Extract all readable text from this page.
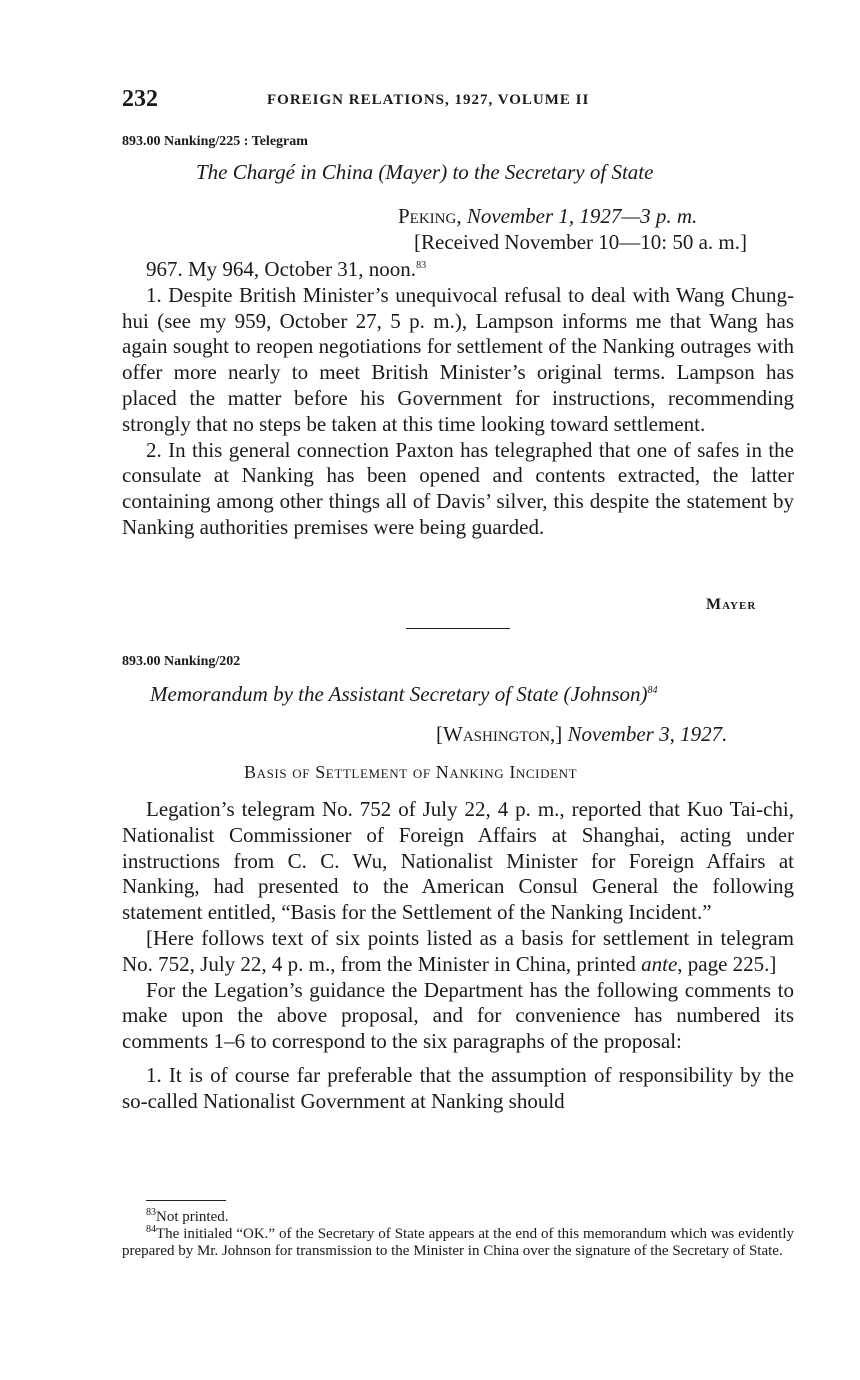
232	FOREIGN RELATIONS, 1927, VOLUME II
893.00 Nanking/225 : Telegram
The Chargé in China (Mayer) to the Secretary of State
Peking, November 1, 1927—3 p. m.
[Received November 10—10: 50 a. m.]

967. My 964, October 31, noon.$^{83}$

1. Despite British Minister’s unequivocal refusal to deal with Wang Chung-hui (see my 959, October 27, 5 p. m.), Lampson informs me that Wang has again sought to reopen negotiations for settlement of the Nanking outrages with offer more nearly to meet British Minister’s original terms. Lampson has placed the matter before his Government for instructions, recommending strongly that no steps be taken at this time looking toward settlement.

2. In this general connection Paxton has telegraphed that one of safes in the consulate at Nanking has been opened and contents extracted, the latter containing among other things all of Davis’ silver, this despite the statement by Nanking authorities premises were being guarded.

Mayer
893.00 Nanking/202
Memorandum by the Assistant Secretary of State (Johnson)$^{84}$
[Washington,] November 3, 1927.
Basis of Settlement of Nanking Incident

Legation’s telegram No. 752 of July 22, 4 p. m., reported that Kuo Tai-chi, Nationalist Commissioner of Foreign Affairs at Shanghai, acting under instructions from C. C. Wu, Nationalist Minister for Foreign Affairs at Nanking, had presented to the American Consul General the following statement entitled, “Basis for the Settlement of the Nanking Incident.”

[Here follows text of six points listed as a basis for settlement in telegram No. 752, July 22, 4 p. m., from the Minister in China, printed ante, page 225.]

For the Legation’s guidance the Department has the following comments to make upon the above proposal, and for convenience has numbered its comments 1–6 to correspond to the six paragraphs of the proposal:

1. It is of course far preferable that the assumption of responsibility by the so-called Nationalist Government at Nanking should

$^{83}$Not printed.

$^{84}$The initialed “OK.” of the Secretary of State appears at the end of this memorandum which was evidently prepared by Mr. Johnson for transmission to the Minister in China over the signature of the Secretary of State.
